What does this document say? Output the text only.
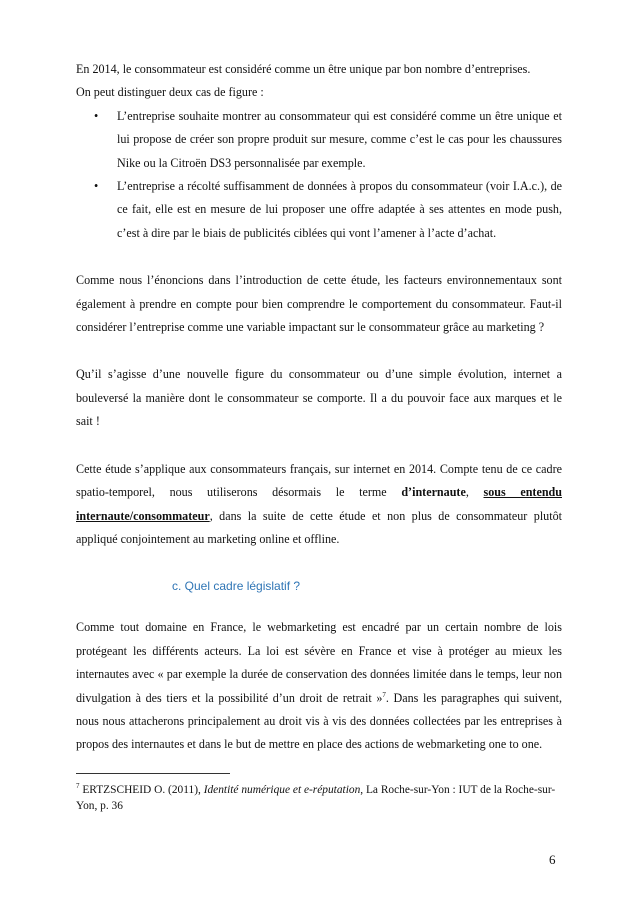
En 2014, le consommateur est considéré comme un être unique par bon nombre d’entreprises.

On peut distinguer deux cas de figure :

• L’entreprise souhaite montrer au consommateur qui est considéré comme un être unique et lui propose de créer son propre produit sur mesure, comme c’est le cas pour les chaussures Nike ou la Citroën DS3 personnalisée par exemple.
• L’entreprise a récolté suffisamment de données à propos du consommateur (voir I.A.c.), de ce fait, elle est en mesure de lui proposer une offre adaptée à ses attentes en mode push, c’est à dire par le biais de publicités ciblées qui vont l’amener à l’acte d’achat.

Comme nous l’énoncions dans l’introduction de cette étude, les facteurs environnementaux sont également à prendre en compte pour bien comprendre le comportement du consommateur. Faut-il considérer l’entreprise comme une variable impactant sur le consommateur grâce au marketing ?

Qu’il s’agisse d’une nouvelle figure du consommateur ou d’une simple évolution, internet a bouleversé la manière dont le consommateur se comporte. Il a du pouvoir face aux marques et le sait !

Cette étude s’applique aux consommateurs français, sur internet en 2014. Compte tenu de ce cadre spatio-temporel, nous utiliserons désormais le terme d’internaute, sous entendu internaute/consommateur, dans la suite de cette étude et non plus de consommateur plutôt appliqué conjointement au marketing online et offline.

c. Quel cadre législatif ?

Comme tout domaine en France, le webmarketing est encadré par un certain nombre de lois protégeant les différents acteurs. La loi est sévère en France et vise à protéger au mieux les internautes avec « par exemple la durée de conservation des données limitée dans le temps, leur non divulgation à des tiers et la possibilité d’un droit de retrait »$^7$. Dans les paragraphes qui suivent, nous nous attacherons principalement au droit vis à vis des données collectées par les entreprises à propos des internautes et dans le but de mettre en place des actions de webmarketing one to one.

$^7$ ERTZSCHEID O. (2011), Identité numérique et e-réputation, La Roche-sur-Yon : IUT de la Roche-sur-Yon, p. 36

6
